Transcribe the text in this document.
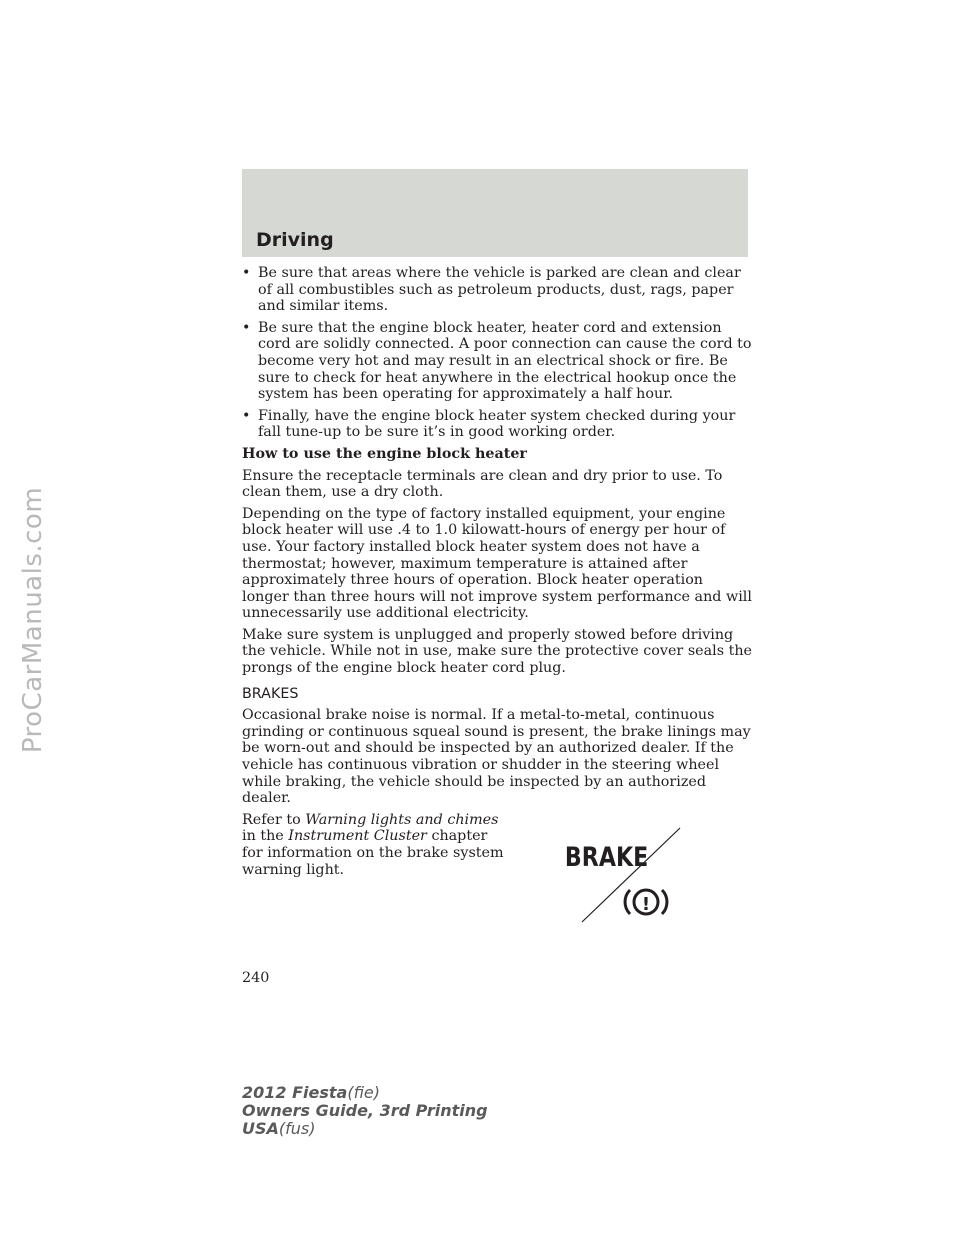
ProCarManuals.com
Driving
• Be sure that areas where the vehicle is parked are clean and clear of all combustibles such as petroleum products, dust, rags, paper and similar items.
• Be sure that the engine block heater, heater cord and extension cord are solidly connected. A poor connection can cause the cord to become very hot and may result in an electrical shock or fire. Be sure to check for heat anywhere in the electrical hookup once the system has been operating for approximately a half hour.
• Finally, have the engine block heater system checked during your fall tune-up to be sure it’s in good working order.

How to use the engine block heater

Ensure the receptacle terminals are clean and dry prior to use. To clean them, use a dry cloth.

Depending on the type of factory installed equipment, your engine block heater will use .4 to 1.0 kilowatt-hours of energy per hour of use. Your factory installed block heater system does not have a thermostat; however, maximum temperature is attained after approximately three hours of operation. Block heater operation longer than three hours will not improve system performance and will unnecessarily use additional electricity.

Make sure system is unplugged and properly stowed before driving the vehicle. While not in use, make sure the protective cover seals the prongs of the engine block heater cord plug.

BRAKES

Occasional brake noise is normal. If a metal-to-metal, continuous grinding or continuous squeal sound is present, the brake linings may be worn-out and should be inspected by an authorized dealer. If the vehicle has continuous vibration or shudder in the steering wheel while braking, the vehicle should be inspected by an authorized dealer.

Refer to Warning lights and chimes in the Instrument Cluster chapter for information on the brake system warning light.	BRAKE
!
240
2012 Fiesta(fie)
Owners Guide, 3rd Printing
USA(fus)
